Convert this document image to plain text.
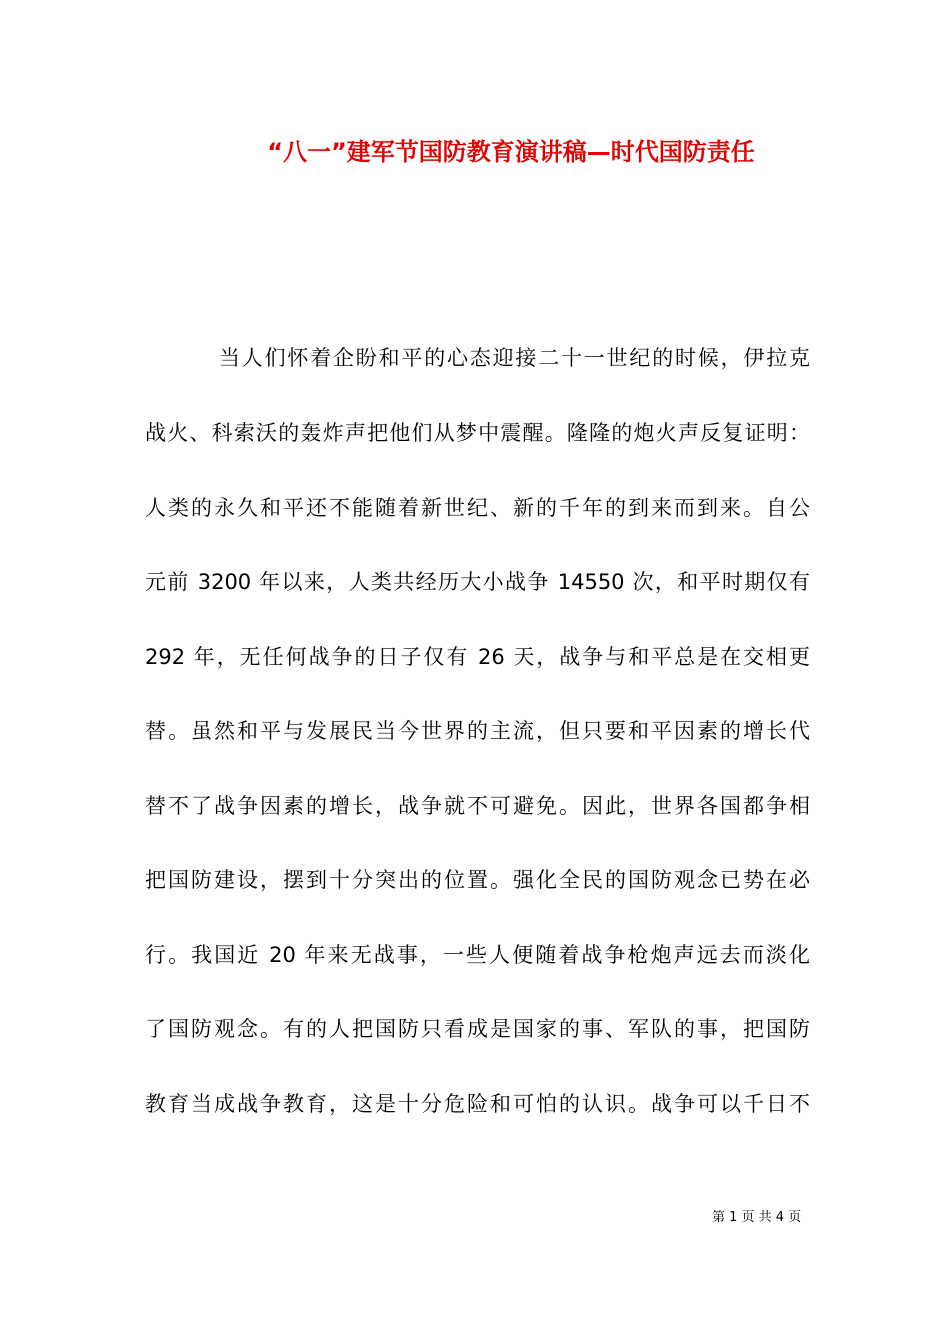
“八一”建军节国防教育演讲稿—时代国防责任
当人们怀着企盼和平的心态迎接二十一世纪的时候，伊拉克
战火、科索沃的轰炸声把他们从梦中震醒。隆隆的炮火声反复证明：
人类的永久和平还不能随着新世纪、新的千年的到来而到来。自公
元前 3200 年以来，人类共经历大小战争 14550 次，和平时期仅有
292 年，无任何战争的日子仅有 26 天，战争与和平总是在交相更
替。虽然和平与发展民当今世界的主流，但只要和平因素的增长代
替不了战争因素的增长，战争就不可避免。因此，世界各国都争相
把国防建设，摆到十分突出的位置。强化全民的国防观念已势在必
行。我国近 20 年来无战事，一些人便随着战争枪炮声远去而淡化
了国防观念。有的人把国防只看成是国家的事、军队的事，把国防
教育当成战争教育，这是十分危险和可怕的认识。战争可以千日不
第 1 页 共 4 页
